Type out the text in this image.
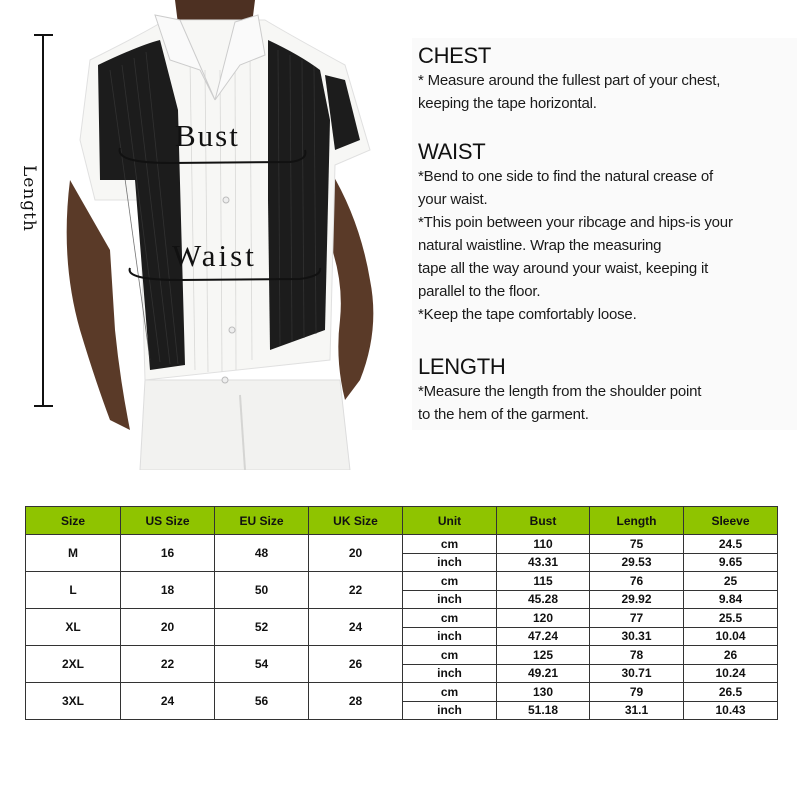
Length
Bust
Waist
CHEST

* Measure around the fullest part of your chest,

keeping the tape horizontal.

WAIST

*Bend to one side to find the natural crease of

your waist.

*This poin between your ribcage and hips-is your

natural waistline. Wrap the measuring

tape all the way around your waist, keeping it

parallel to the floor.

*Keep the tape comfortably loose.

LENGTH

*Measure the length from the shoulder point

to the hem of the garment.

Size	US Size	EU Size	UK Size	Unit	Bust	Length	Sleeve
M	16	48	20	cm	110	75	24.5
				inch	43.31	29.53	9.65
L	18	50	22	cm	115	76	25
				inch	45.28	29.92	9.84
XL	20	52	24	cm	120	77	25.5
				inch	47.24	30.31	10.04
2XL	22	54	26	cm	125	78	26
				inch	49.21	30.71	10.24
3XL	24	56	28	cm	130	79	26.5
				inch	51.18	31.1	10.43
